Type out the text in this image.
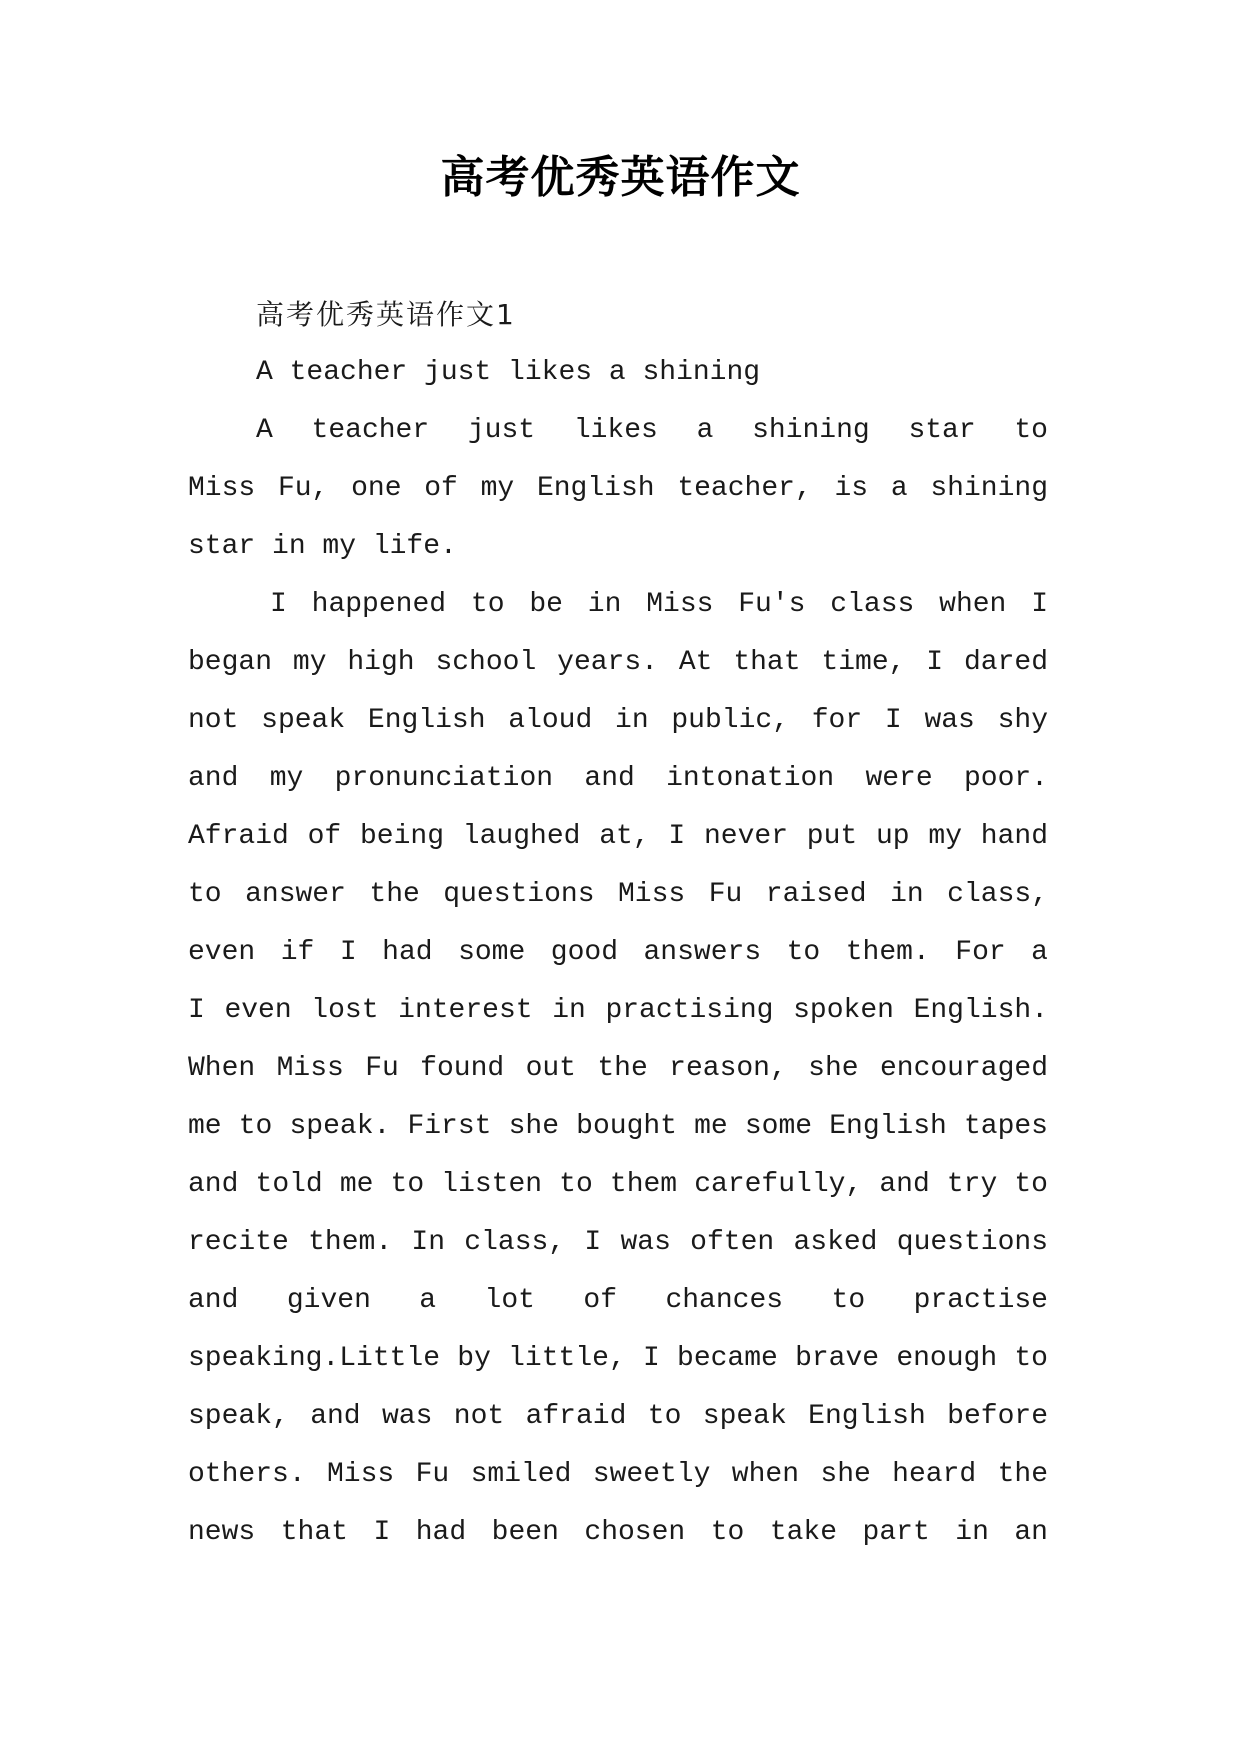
高考优秀英语作文
高考优秀英语作文1
A teacher just likes a shining
A teacher just likes a shining star to
Miss Fu, one of my English teacher, is a shining
star in my life.
I happened to be in Miss Fu's class when I
began my high school years. At that time, I dared
not speak English aloud in public, for I was shy
and my pronunciation and intonation were poor.
Afraid of being laughed at, I never put up my hand
to answer the questions Miss Fu raised in class,
even if I had some good answers to them. For a
I even lost interest in practising spoken English.
When Miss Fu found out the reason, she encouraged
me to speak. First she bought me some English tapes
and told me to listen to them carefully, and try to
recite them. In class, I was often asked questions
and given a lot of chances to practise
speaking.Little by little, I became brave enough to
speak, and was not afraid to speak English before
others. Miss Fu smiled sweetly when she heard the
news that I had been chosen to take part in an
